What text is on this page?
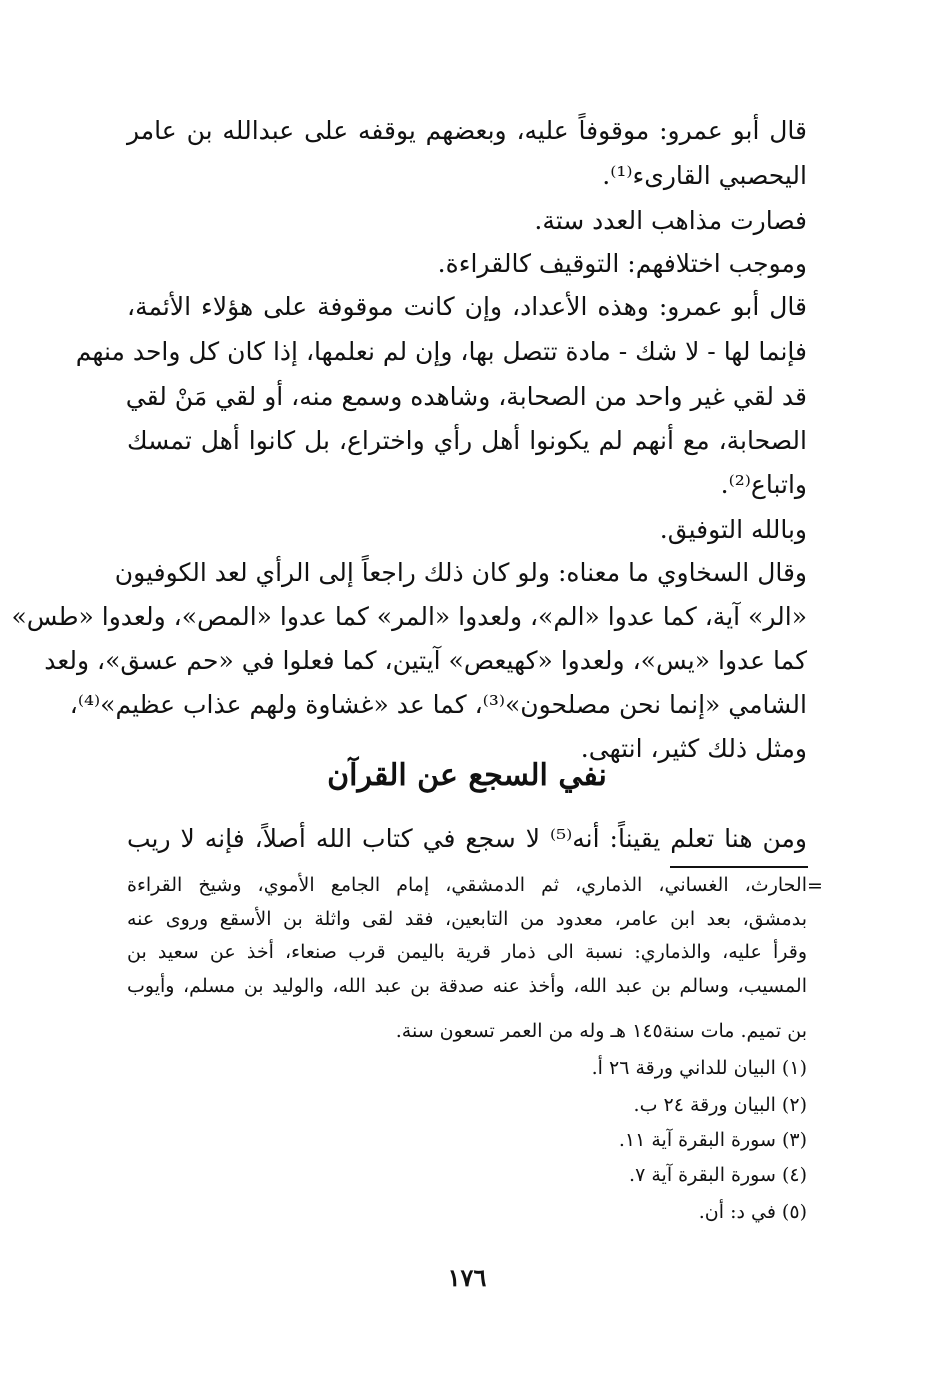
قال أبو عمرو: موقوفاً عليه، وبعضهم يوقفه على عبدالله بن عامر
اليحصبي القارىء⁽¹⁾.
فصارت مذاهب العدد ستة.
وموجب اختلافهم: التوقيف كالقراءة.
قال أبو عمرو: وهذه الأعداد، وإن كانت موقوفة على هؤلاء الأئمة،
فإنما لها - لا شك - مادة تتصل بها، وإن لم نعلمها، إذا كان كل واحد منهم
قد لقي غير واحد من الصحابة، وشاهده وسمع منه، أو لقي مَنْ لقي
الصحابة، مع أنهم لم يكونوا أهل رأي واختراع، بل كانوا أهل تمسك
واتباع⁽²⁾.
وبالله التوفيق.
وقال السخاوي ما معناه: ولو كان ذلك راجعاً إلى الرأي لعد الكوفيون
«الر» آية، كما عدوا «الم»، ولعدوا «المر» كما عدوا «المص»، ولعدوا «طس»
كما عدوا «يس»، ولعدوا «كهيعص» آيتين، كما فعلوا في «حم عسق»، ولعد
الشامي «إنما نحن مصلحون»⁽³⁾، كما عد «غشاوة ولهم عذاب عظيم»⁽⁴⁾،
ومثل ذلك كثير، انتهى.
نفي السجع عن القرآن
ومن هنا تعلم يقيناً: أنه⁽⁵⁾ لا سجع في كتاب الله أصلاً، فإنه لا ريب
=
الحارث، الغساني، الذماري، ثم الدمشقي، إمام الجامع الأموي، وشيخ القراءة
بدمشق، بعد ابن عامر، معدود من التابعين، فقد لقى واثلة بن الأسقع وروى عنه
وقرأ عليه، والذماري: نسبة الى ذمار قرية باليمن قرب صنعاء، أخذ عن سعيد بن
المسيب، وسالم بن عبد الله، وأخذ عنه صدقة بن عبد الله، والوليد بن مسلم، وأيوب
بن تميم. مات سنة١٤٥ هـ وله من العمر تسعون سنة.
(١) البيان للداني ورقة ٢٦ أ.
(٢) البيان ورقة ٢٤ ب.
(٣) سورة البقرة آية ١١.
(٤) سورة البقرة آية ٧.
(٥) في د: أن.
١٧٦
